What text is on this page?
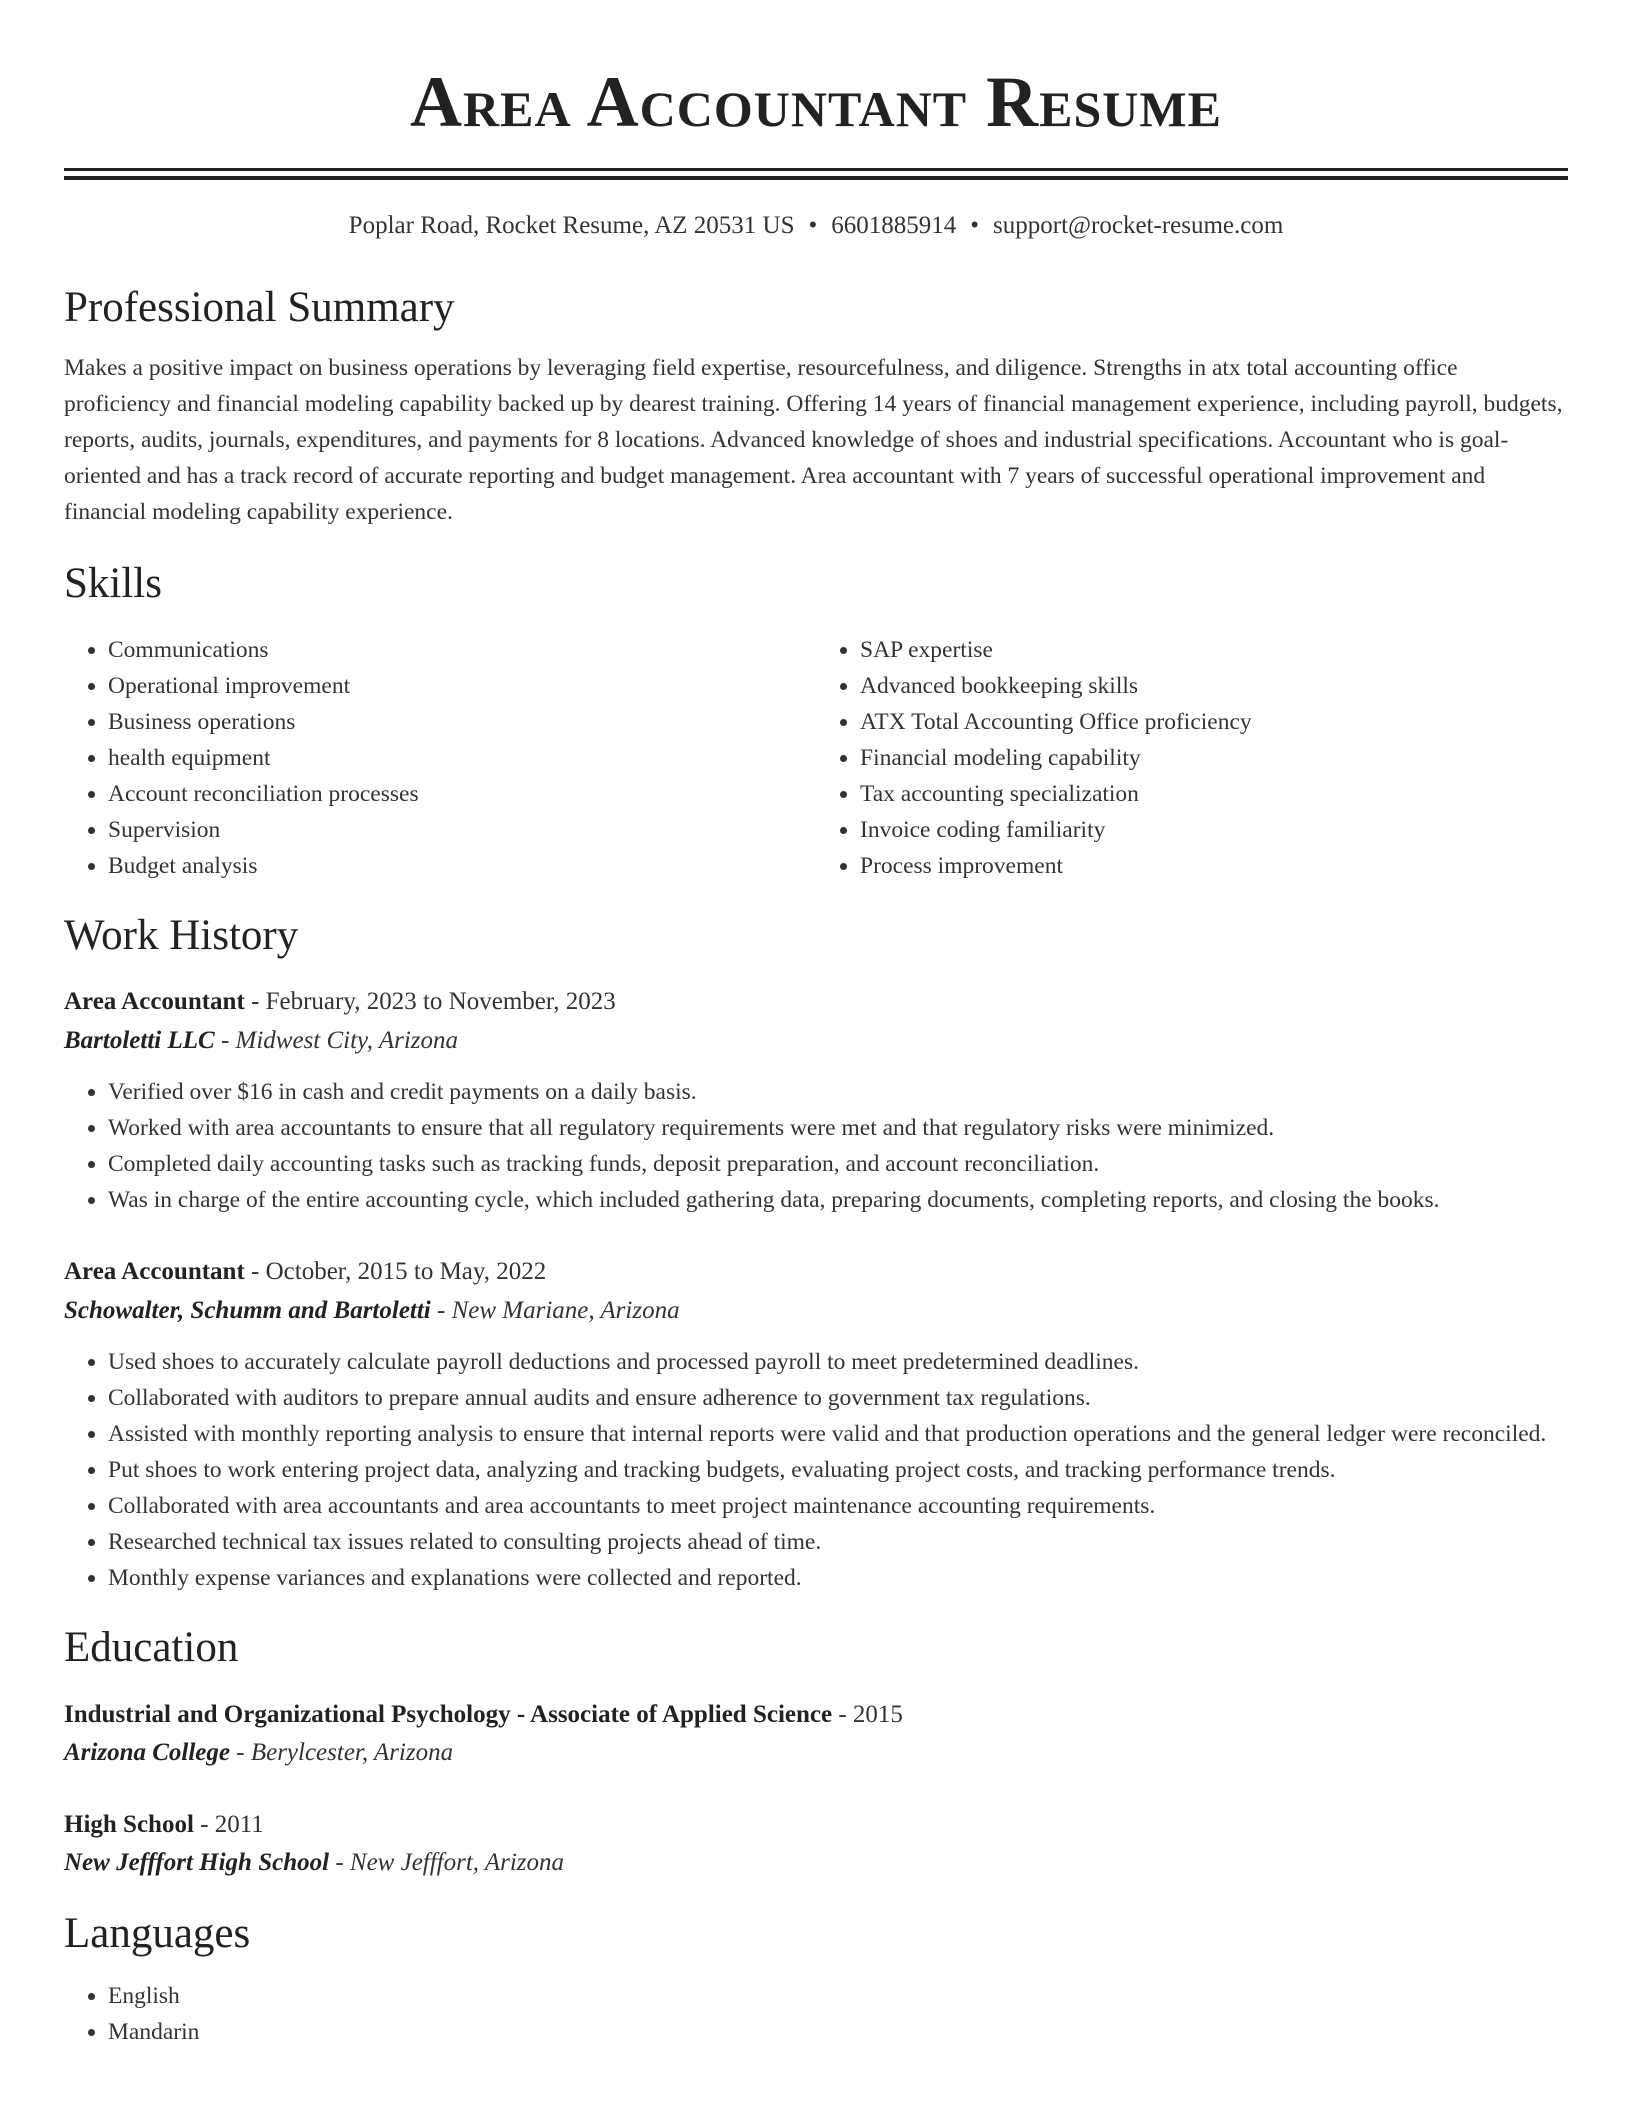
Area Accountant Resume
Poplar Road, Rocket Resume, AZ 20531 US • 6601885914 • support@rocket-resume.com
Professional Summary

Makes a positive impact on business operations by leveraging field expertise, resourcefulness, and diligence. Strengths in atx total accounting office proficiency and financial modeling capability backed up by dearest training. Offering 14 years of financial management experience, including payroll, budgets, reports, audits, journals, expenditures, and payments for 8 locations. Advanced knowledge of shoes and industrial specifications. Accountant who is goal-oriented and has a track record of accurate reporting and budget management. Area accountant with 7 years of successful operational improvement and financial modeling capability experience.

Skills
• Communications
• Operational improvement
• Business operations
• health equipment
• Account reconciliation processes
• Supervision
• Budget analysis
• SAP expertise
• Advanced bookkeeping skills
• ATX Total Accounting Office proficiency
• Financial modeling capability
• Tax accounting specialization
• Invoice coding familiarity
• Process improvement
Work History
Area Accountant - February, 2023 to November, 2023
Bartoletti LLC - Midwest City, Arizona
• Verified over $16 in cash and credit payments on a daily basis.
• Worked with area accountants to ensure that all regulatory requirements were met and that regulatory risks were minimized.
• Completed daily accounting tasks such as tracking funds, deposit preparation, and account reconciliation.
• Was in charge of the entire accounting cycle, which included gathering data, preparing documents, completing reports, and closing the books.
Area Accountant - October, 2015 to May, 2022
Schowalter, Schumm and Bartoletti - New Mariane, Arizona
• Used shoes to accurately calculate payroll deductions and processed payroll to meet predetermined deadlines.
• Collaborated with auditors to prepare annual audits and ensure adherence to government tax regulations.
• Assisted with monthly reporting analysis to ensure that internal reports were valid and that production operations and the general ledger were reconciled.
• Put shoes to work entering project data, analyzing and tracking budgets, evaluating project costs, and tracking performance trends.
• Collaborated with area accountants and area accountants to meet project maintenance accounting requirements.
• Researched technical tax issues related to consulting projects ahead of time.
• Monthly expense variances and explanations were collected and reported.
Education
Industrial and Organizational Psychology - Associate of Applied Science - 2015
Arizona College - Berylcester, Arizona
High School - 2011
New Jefffort High School - New Jefffort, Arizona
Languages
• English
• Mandarin
